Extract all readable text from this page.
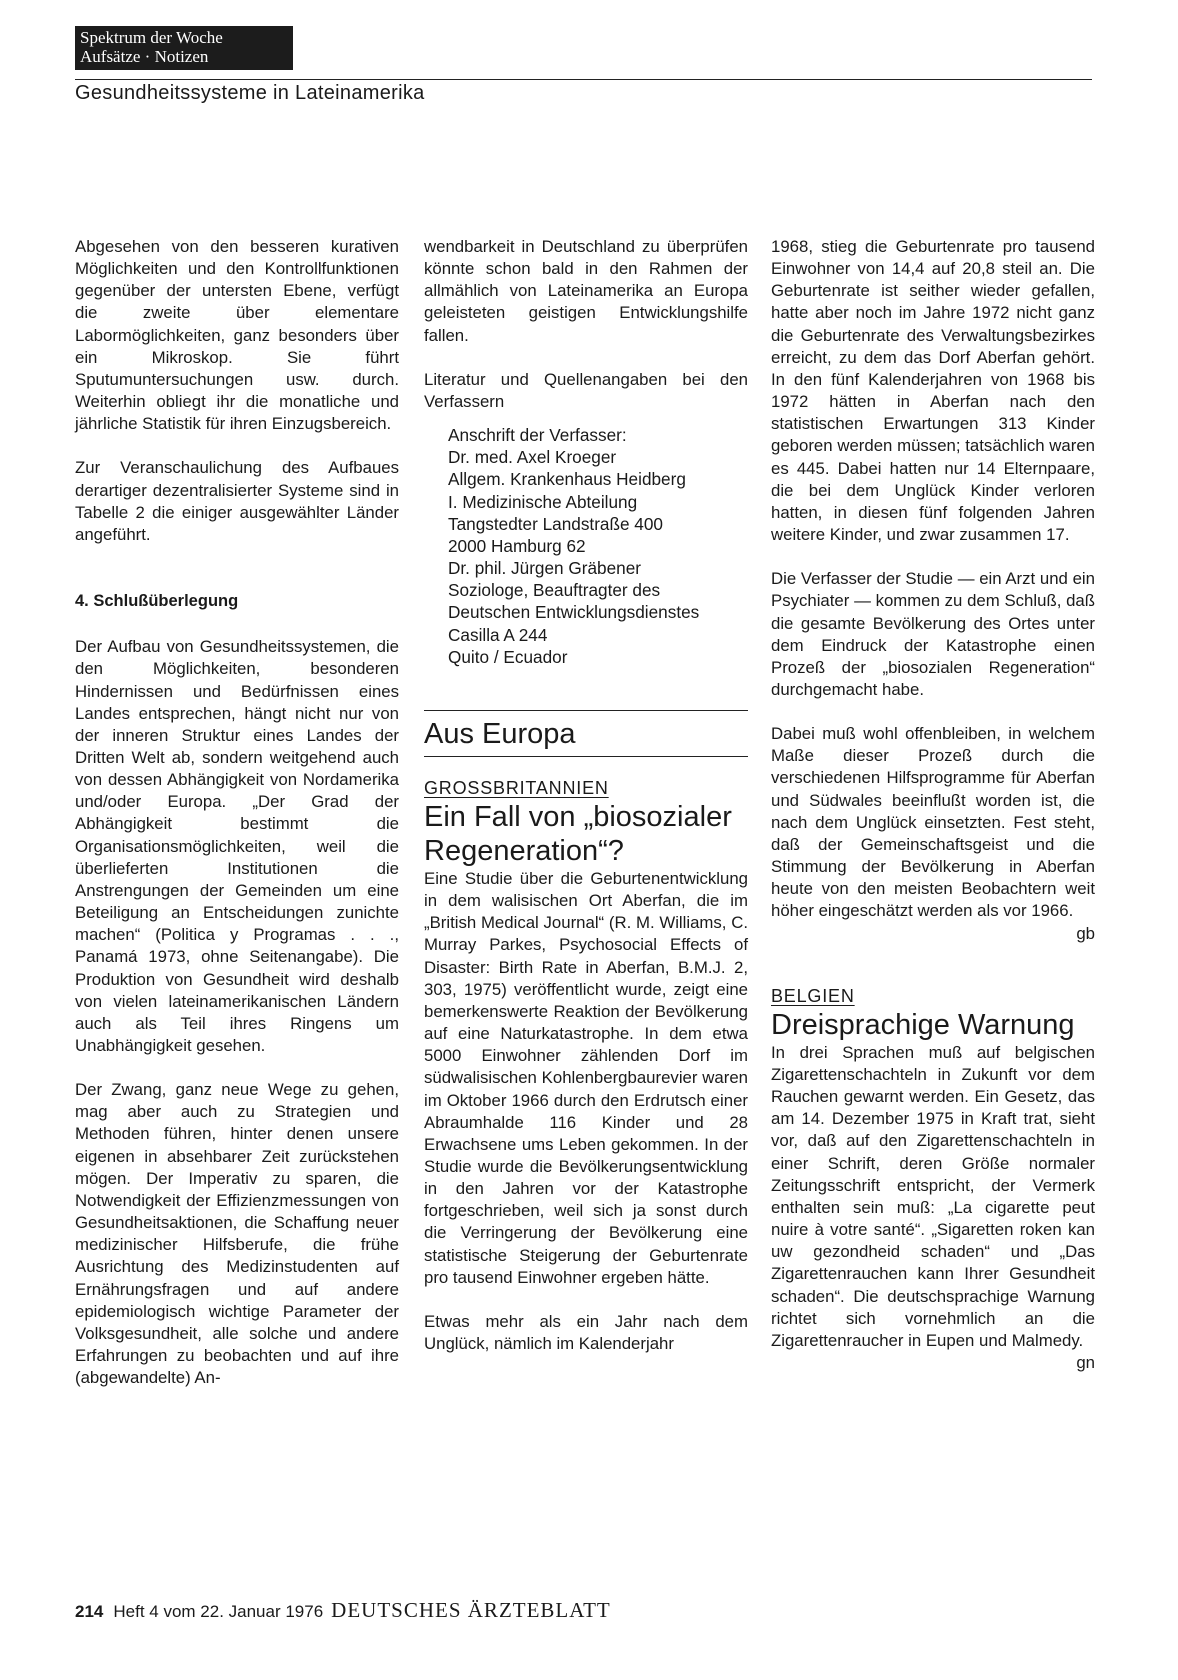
Spektrum der Woche
Aufsätze · Notizen
Gesundheitssysteme in Lateinamerika

Abgesehen von den besseren kurativen Möglichkeiten und den Kontrollfunktionen gegenüber der untersten Ebene, verfügt die zweite über elementare Labormöglichkeiten, ganz besonders über ein Mikroskop. Sie führt Sputumuntersuchungen usw. durch. Weiterhin obliegt ihr die monatliche und jährliche Statistik für ihren Einzugsbereich.

Zur Veranschaulichung des Aufbaues derartiger dezentralisierter Systeme sind in Tabelle 2 die einiger ausgewählter Länder angeführt.

4. Schlußüberlegung

Der Aufbau von Gesundheitssystemen, die den Möglichkeiten, besonderen Hindernissen und Bedürfnissen eines Landes entsprechen, hängt nicht nur von der inneren Struktur eines Landes der Dritten Welt ab, sondern weitgehend auch von dessen Abhängigkeit von Nordamerika und/oder Europa. „Der Grad der Abhängigkeit bestimmt die Organisationsmöglichkeiten, weil die überlieferten Institutionen die Anstrengungen der Gemeinden um eine Beteiligung an Entscheidungen zunichte machen“ (Politica y Programas . . ., Panamá 1973, ohne Seitenangabe). Die Produktion von Gesundheit wird deshalb von vielen lateinamerikanischen Ländern auch als Teil ihres Ringens um Unabhängigkeit gesehen.

Der Zwang, ganz neue Wege zu gehen, mag aber auch zu Strategien und Methoden führen, hinter denen unsere eigenen in absehbarer Zeit zurückstehen mögen. Der Imperativ zu sparen, die Notwendigkeit der Effizienzmessungen von Gesundheitsaktionen, die Schaffung neuer medizinischer Hilfsberufe, die frühe Ausrichtung des Medizinstudenten auf Ernährungsfragen und auf andere epidemiologisch wichtige Parameter der Volksgesundheit, alle solche und andere Erfahrungen zu beobachten und auf ihre (abgewandelte) An-

wendbarkeit in Deutschland zu überprüfen könnte schon bald in den Rahmen der allmählich von Lateinamerika an Europa geleisteten geistigen Entwicklungshilfe fallen.

Literatur und Quellenangaben bei den Verfassern

Anschrift der Verfasser:
Dr. med. Axel Kroeger
Allgem. Krankenhaus Heidberg
I. Medizinische Abteilung
Tangstedter Landstraße 400
2000 Hamburg 62
Dr. phil. Jürgen Gräbener
Soziologe, Beauftragter des
Deutschen Entwicklungsdienstes
Casilla A 244
Quito / Ecuador

Aus Europa

GROSSBRITANNIEN

Ein Fall von „biosozialer Regeneration“?

Eine Studie über die Geburtenentwicklung in dem walisischen Ort Aberfan, die im „British Medical Journal“ (R. M. Williams, C. Murray Parkes, Psychosocial Effects of Disaster: Birth Rate in Aberfan, B.M.J. 2, 303, 1975) veröffentlicht wurde, zeigt eine bemerkenswerte Reaktion der Bevölkerung auf eine Naturkatastrophe. In dem etwa 5000 Einwohner zählenden Dorf im südwalisischen Kohlenbergbaurevier waren im Oktober 1966 durch den Erdrutsch einer Abraumhalde 116 Kinder und 28 Erwachsene ums Leben gekommen. In der Studie wurde die Bevölkerungsentwicklung in den Jahren vor der Katastrophe fortgeschrieben, weil sich ja sonst durch die Verringerung der Bevölkerung eine statistische Steigerung der Geburtenrate pro tausend Einwohner ergeben hätte.

Etwas mehr als ein Jahr nach dem Unglück, nämlich im Kalenderjahr

1968, stieg die Geburtenrate pro tausend Einwohner von 14,4 auf 20,8 steil an. Die Geburtenrate ist seither wieder gefallen, hatte aber noch im Jahre 1972 nicht ganz die Geburtenrate des Verwaltungsbezirkes erreicht, zu dem das Dorf Aberfan gehört. In den fünf Kalenderjahren von 1968 bis 1972 hätten in Aberfan nach den statistischen Erwartungen 313 Kinder geboren werden müssen; tatsächlich waren es 445. Dabei hatten nur 14 Elternpaare, die bei dem Unglück Kinder verloren hatten, in diesen fünf folgenden Jahren weitere Kinder, und zwar zusammen 17.

Die Verfasser der Studie — ein Arzt und ein Psychiater — kommen zu dem Schluß, daß die gesamte Bevölkerung des Ortes unter dem Eindruck der Katastrophe einen Prozeß der „biosozialen Regeneration“ durchgemacht habe.

Dabei muß wohl offenbleiben, in welchem Maße dieser Prozeß durch die verschiedenen Hilfsprogramme für Aberfan und Südwales beeinflußt worden ist, die nach dem Unglück einsetzten. Fest steht, daß der Gemeinschaftsgeist und die Stimmung der Bevölkerung in Aberfan heute von den meisten Beobachtern weit höher eingeschätzt werden als vor 1966.

gb

BELGIEN

Dreisprachige Warnung

In drei Sprachen muß auf belgischen Zigarettenschachteln in Zukunft vor dem Rauchen gewarnt werden. Ein Gesetz, das am 14. Dezember 1975 in Kraft trat, sieht vor, daß auf den Zigarettenschachteln in einer Schrift, deren Größe normaler Zeitungsschrift entspricht, der Vermerk enthalten sein muß: „La cigarette peut nuire à votre santé“. „Sigaretten roken kan uw gezondheid schaden“ und „Das Zigarettenrauchen kann Ihrer Gesundheit schaden“. Die deutschsprachige Warnung richtet sich vornehmlich an die Zigarettenraucher in Eupen und Malmedy.

gn

214 Heft 4 vom 22. Januar 1976 DEUTSCHES ÄRZTEBLATT
